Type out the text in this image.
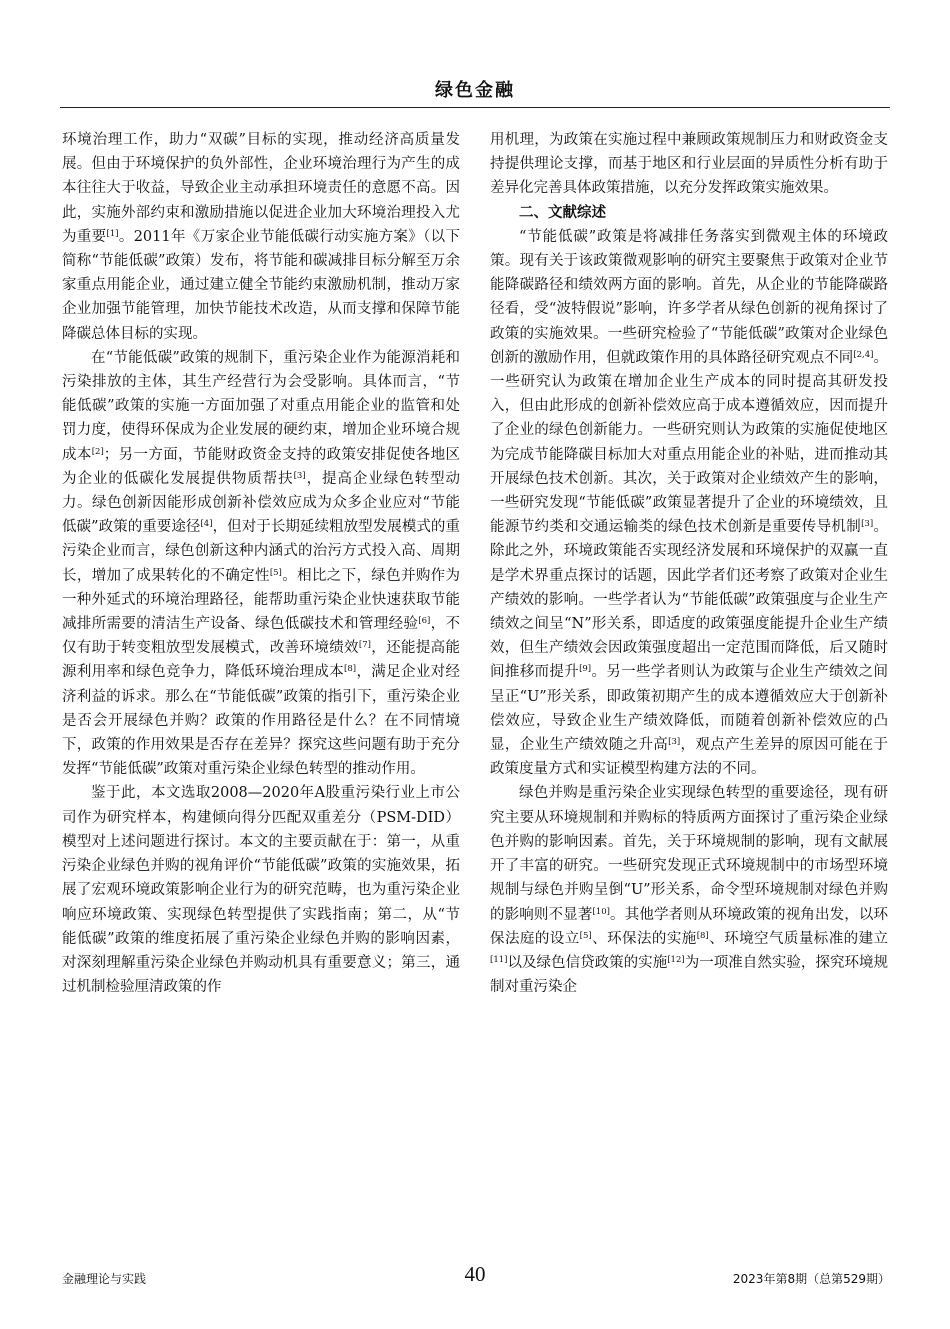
绿色金融

环境治理工作，助力“双碳”目标的实现，推动经济高质量发展。但由于环境保护的负外部性，企业环境治理行为产生的成本往往大于收益，导致企业主动承担环境责任的意愿不高。因此，实施外部约束和激励措施以促进企业加大环境治理投入尤为重要[1]。2011年《万家企业节能低碳行动实施方案》（以下简称“节能低碳”政策）发布，将节能和碳减排目标分解至万余家重点用能企业，通过建立健全节能约束激励机制，推动万家企业加强节能管理，加快节能技术改造，从而支撑和保障节能降碳总体目标的实现。

在“节能低碳”政策的规制下，重污染企业作为能源消耗和污染排放的主体，其生产经营行为会受影响。具体而言，“节能低碳”政策的实施一方面加强了对重点用能企业的监管和处罚力度，使得环保成为企业发展的硬约束，增加企业环境合规成本[2]；另一方面，节能财政资金支持的政策安排促使各地区为企业的低碳化发展提供物质帮扶[3]，提高企业绿色转型动力。绿色创新因能形成创新补偿效应成为众多企业应对“节能低碳”政策的重要途径[4]，但对于长期延续粗放型发展模式的重污染企业而言，绿色创新这种内涵式的治污方式投入高、周期长，增加了成果转化的不确定性[5]。相比之下，绿色并购作为一种外延式的环境治理路径，能帮助重污染企业快速获取节能减排所需要的清洁生产设备、绿色低碳技术和管理经验[6]，不仅有助于转变粗放型发展模式，改善环境绩效[7]，还能提高能源利用率和绿色竞争力，降低环境治理成本[8]，满足企业对经济利益的诉求。那么在“节能低碳”政策的指引下，重污染企业是否会开展绿色并购？政策的作用路径是什么？在不同情境下，政策的作用效果是否存在差异？探究这些问题有助于充分发挥“节能低碳”政策对重污染企业绿色转型的推动作用。

鉴于此，本文选取2008—2020年A股重污染行业上市公司作为研究样本，构建倾向得分匹配双重差分（PSM-DID）模型对上述问题进行探讨。本文的主要贡献在于：第一，从重污染企业绿色并购的视角评价“节能低碳”政策的实施效果，拓展了宏观环境政策影响企业行为的研究范畴，也为重污染企业响应环境政策、实现绿色转型提供了实践指南；第二，从“节能低碳”政策的维度拓展了重污染企业绿色并购的影响因素，对深刻理解重污染企业绿色并购动机具有重要意义；第三，通过机制检验厘清政策的作

用机理，为政策在实施过程中兼顾政策规制压力和财政资金支持提供理论支撑，而基于地区和行业层面的异质性分析有助于差异化完善具体政策措施，以充分发挥政策实施效果。

二、文献综述

“节能低碳”政策是将减排任务落实到微观主体的环境政策。现有关于该政策微观影响的研究主要聚焦于政策对企业节能降碳路径和绩效两方面的影响。首先，从企业的节能降碳路径看，受“波特假说”影响，许多学者从绿色创新的视角探讨了政策的实施效果。一些研究检验了“节能低碳”政策对企业绿色创新的激励作用，但就政策作用的具体路径研究观点不同[2,4]。一些研究认为政策在增加企业生产成本的同时提高其研发投入，但由此形成的创新补偿效应高于成本遵循效应，因而提升了企业的绿色创新能力。一些研究则认为政策的实施促使地区为完成节能降碳目标加大对重点用能企业的补贴，进而推动其开展绿色技术创新。其次，关于政策对企业绩效产生的影响，一些研究发现“节能低碳”政策显著提升了企业的环境绩效，且能源节约类和交通运输类的绿色技术创新是重要传导机制[3]。除此之外，环境政策能否实现经济发展和环境保护的双赢一直是学术界重点探讨的话题，因此学者们还考察了政策对企业生产绩效的影响。一些学者认为“节能低碳”政策强度与企业生产绩效之间呈“N”形关系，即适度的政策强度能提升企业生产绩效，但生产绩效会因政策强度超出一定范围而降低，后又随时间推移而提升[9]。另一些学者则认为政策与企业生产绩效之间呈正“U”形关系，即政策初期产生的成本遵循效应大于创新补偿效应，导致企业生产绩效降低，而随着创新补偿效应的凸显，企业生产绩效随之升高[3]，观点产生差异的原因可能在于政策度量方式和实证模型构建方法的不同。

绿色并购是重污染企业实现绿色转型的重要途径，现有研究主要从环境规制和并购标的特质两方面探讨了重污染企业绿色并购的影响因素。首先，关于环境规制的影响，现有文献展开了丰富的研究。一些研究发现正式环境规制中的市场型环境规制与绿色并购呈倒“U”形关系，命令型环境规制对绿色并购的影响则不显著[10]。其他学者则从环境政策的视角出发，以环保法庭的设立[5]、环保法的实施[8]、环境空气质量标准的建立[11]以及绿色信贷政策的实施[12]为一项准自然实验，探究环境规制对重污染企

金融理论与实践	40	2023年第8期（总第529期）
